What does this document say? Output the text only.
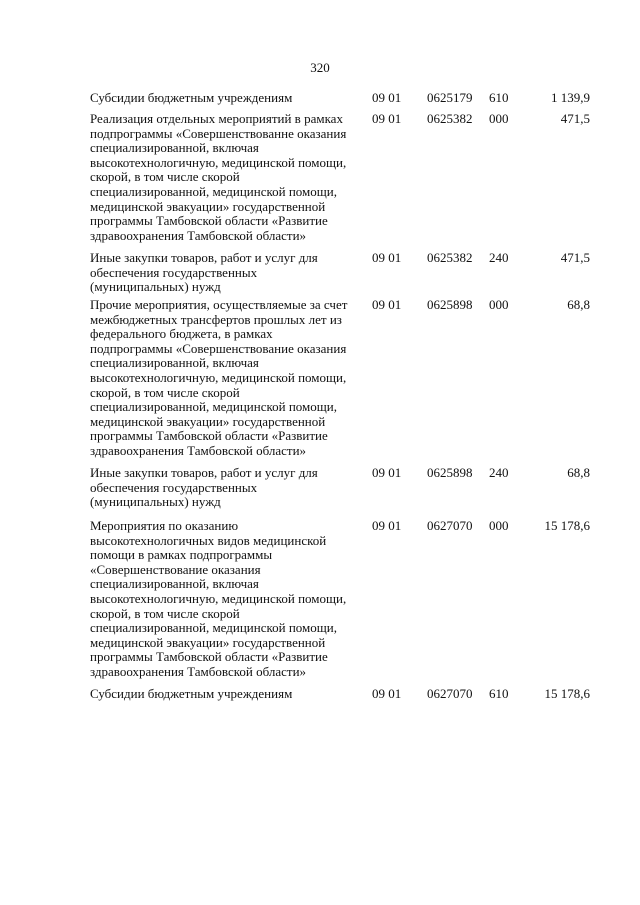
320
Субсидии бюджетным учреждениям	09 01 0625179 610	1 139,9
Реализация отдельных мероприятий в рамках подпрограммы «Совершенствованне оказания специализированной, включая высокотехнологичную, медицинской помощи, скорой, в том числе скорой специализированной, медицинской помощи, медицинской эвакуации» государственной программы Тамбовской области «Развитие здравоохранения Тамбовской области»
09 01 0625382 000	471,5
Иные закупки товаров, работ и услуг для обеспечения государственных (муниципальных) нужд
09 01 0625382 240	471,5
Прочие мероприятия, осуществляемые за счет межбюджетных трансфертов прошлых лет из федерального бюджета, в рамках подпрограммы «Совершенствование оказания специализированной, включая высокотехнологичную, медицинской помощи, скорой, в том числе скорой специализированной, медицинской помощи, медицинской эвакуации» государственной программы Тамбовской области «Развитие здравоохранения Тамбовской области»
09 01 0625898 000	68,8
Иные закупки товаров, работ и услуг для обеспечения государственных (муниципальных) нужд
09 01 0625898 240	68,8
Мероприятия по оказанию высокотехнологичных видов медицинской помощи в рамках подпрограммы «Совершенствование оказания специализированной, включая высокотехнологичную, медицинской помощи, скорой, в том числе скорой специализированной, медицинской помощи, медицинской эвакуации» государственной программы Тамбовской области «Развитие здравоохранения Тамбовской области»
09 01 0627070 000	15 178,6
Субсидии бюджетным учреждениям	09 01 0627070 610	15 178,6
